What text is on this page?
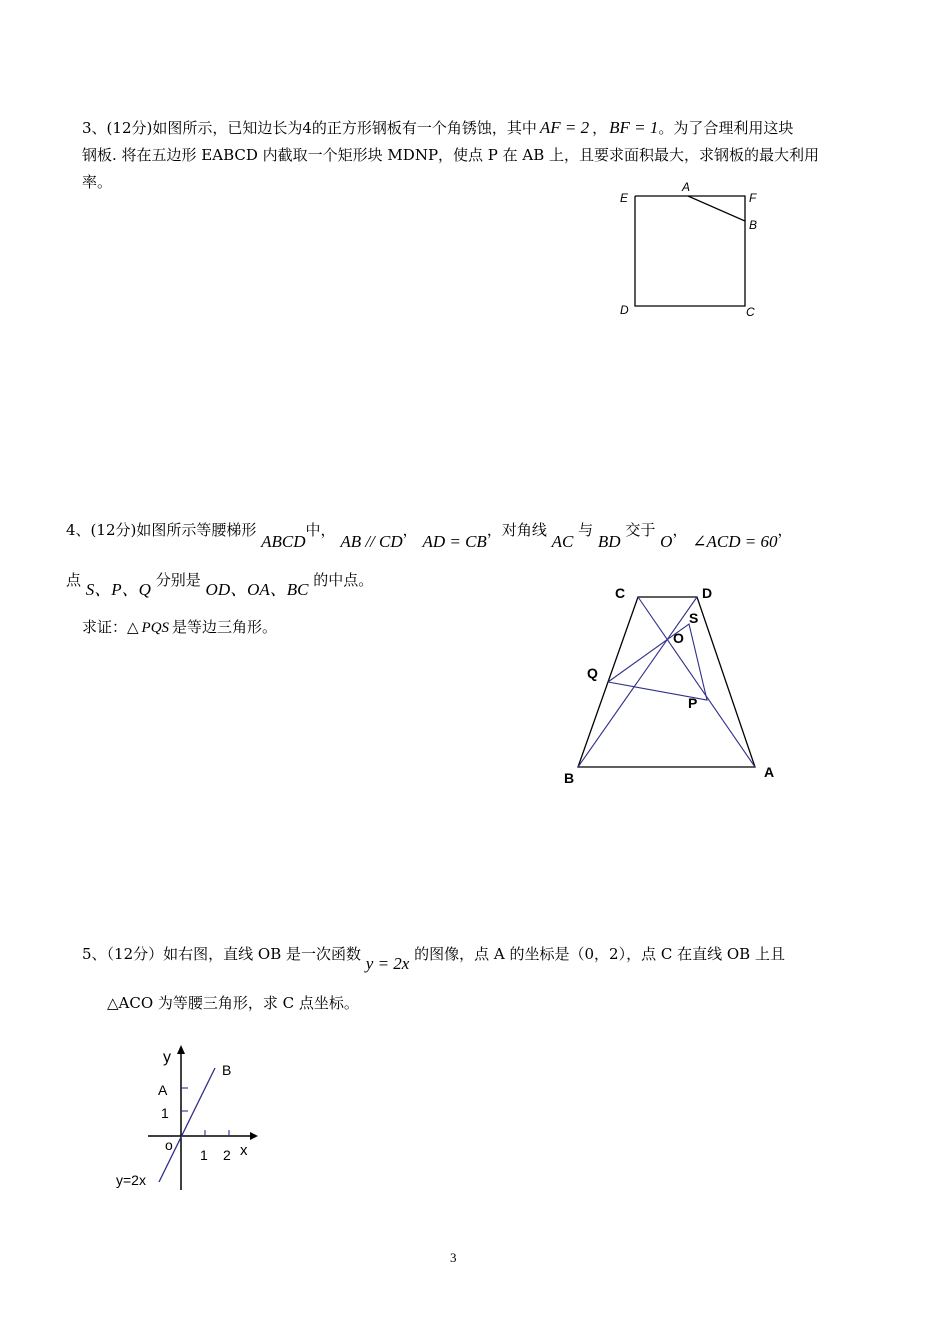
3、(12分)如图所示，已知边长为4的正方形钢板有一个角锈蚀，其中 AF = 2 ， BF = 1。为了合理利用这块
钢板. 将在五边形 EABCD 内截取一个矩形块 MDNP，使点 P 在 AB 上，且要求面积最大，求钢板的最大利用
率。
E
A
F
B
D	C
4、(12分)如图所示等腰梯形 ABCD中， AB // CD， AD = CB，对角线 AC 与 BD 交于 O， ∠ACD = 60，
点 S、P、Q 分别是 OD、OA、BC 的中点。
求证：△ PQS 是等边三角形。
C	D
S
O
Q
P
B	A
5、（12分）如右图，直线 OB 是一次函数 y = 2x 的图像，点 A 的坐标是（0，2），点 C 在直线 OB 上且
△ACO 为等腰三角形，求 C 点坐标。
y
B
A
1
o
1 2 x
y=2x
3
